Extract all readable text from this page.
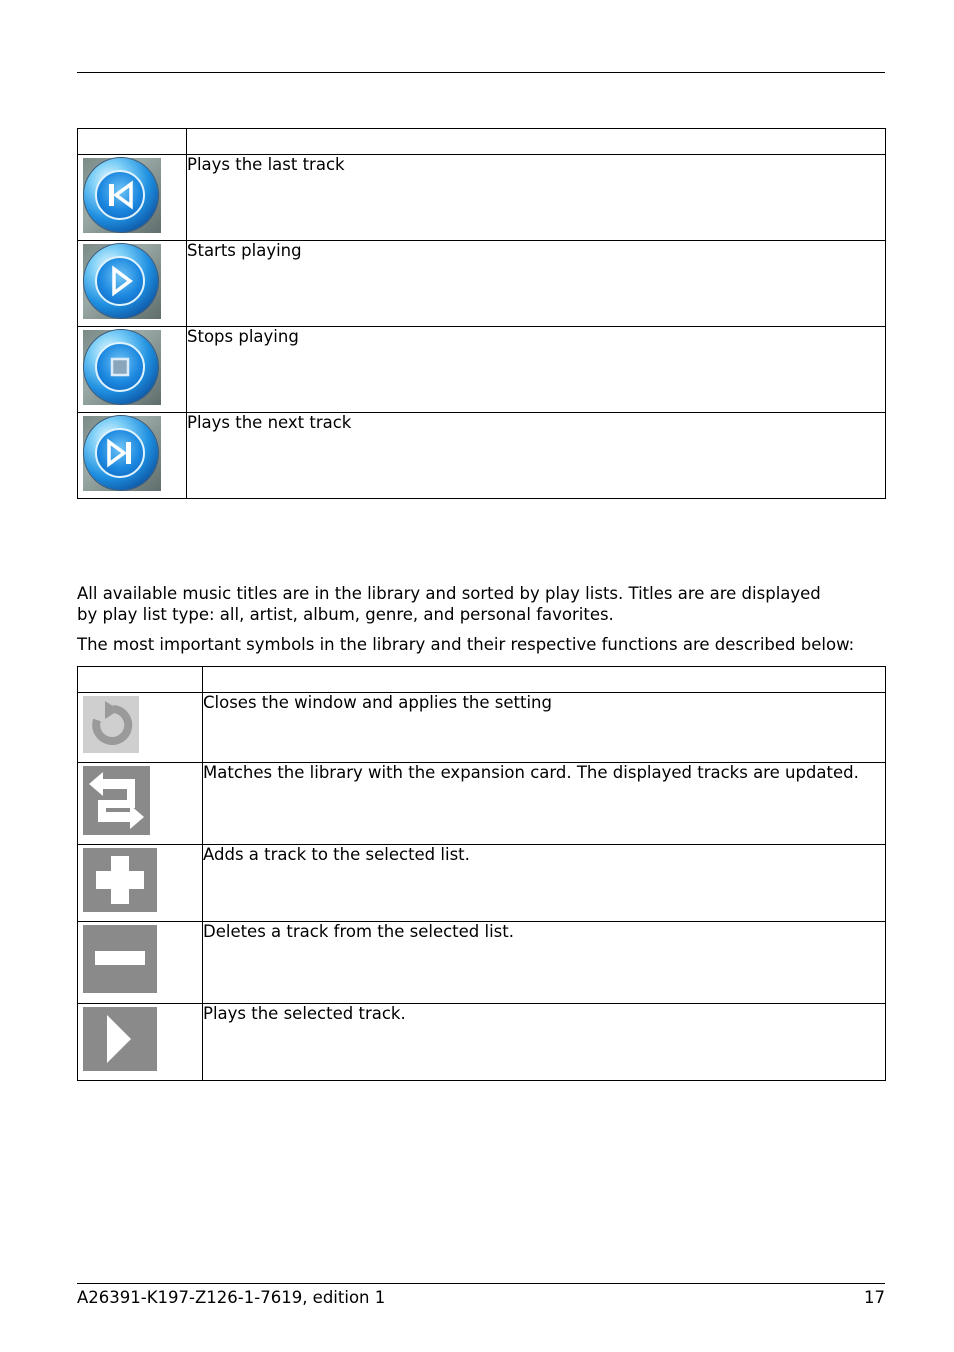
	Plays the last track

	Starts playing

	Stops playing

	Plays the next track
All available music titles are in the library and sorted by play lists. Titles are are displayed
by play list type: all, artist, album, genre, and personal favorites.
The most important symbols in the library and their respective functions are described below:

	Closes the window and applies the setting

	Matches the library with the expansion card. The displayed tracks are updated.

	Adds a track to the selected list.

	Deletes a track from the selected list.

	Plays the selected track.
A26391-K197-Z126-1-7619, edition 1	17
